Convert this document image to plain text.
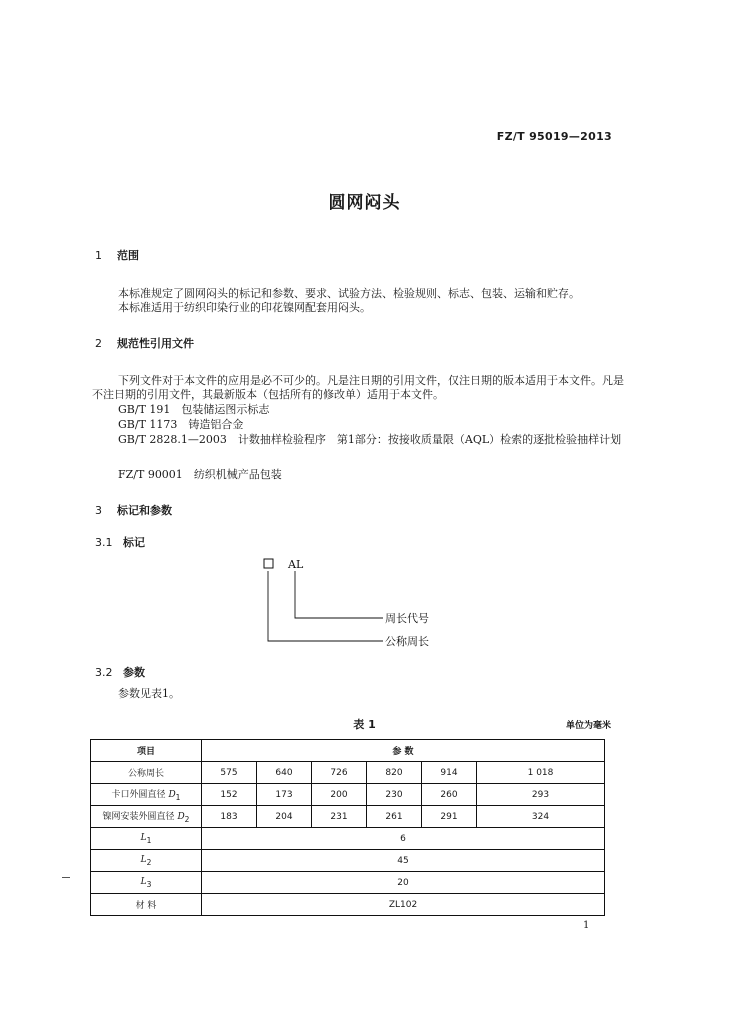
FZ/T 95019—2013
圆网闷头
1 范围
本标准规定了圆网闷头的标记和参数、要求、试验方法、检验规则、标志、包装、运输和贮存。
本标准适用于纺织印染行业的印花镍网配套用闷头。
2 规范性引用文件
下列文件对于本文件的应用是必不可少的。凡是注日期的引用文件，仅注日期的版本适用于本文件。凡是不注日期的引用文件，其最新版本（包括所有的修改单）适用于本文件。
GB/T 191　 包装储运图示标志
GB/T 1173　 铸造铝合金
GB/T 2828.1—2003　 计数抽样检验程序　第1部分：按接收质量限（AQL）检索的逐批检验抽样计划
FZ/T 90001　 纺织机械产品包装
3 标记和参数
3.1 标记
AL
周长代号
公称周长
3.2 参数
参数见表1。
表 1	单位为毫米
项目	参 数					
公称周长	575	640	726	820	914	1 018
卡口外圆直径 $D_1$	152	173	200	230	260	293
镍网安装外圆直径 $D_2$	183	204	231	261	291	324
$L_1$	6					
$L_2$	45					
$L_3$	20					
材 料	ZL102					
1
